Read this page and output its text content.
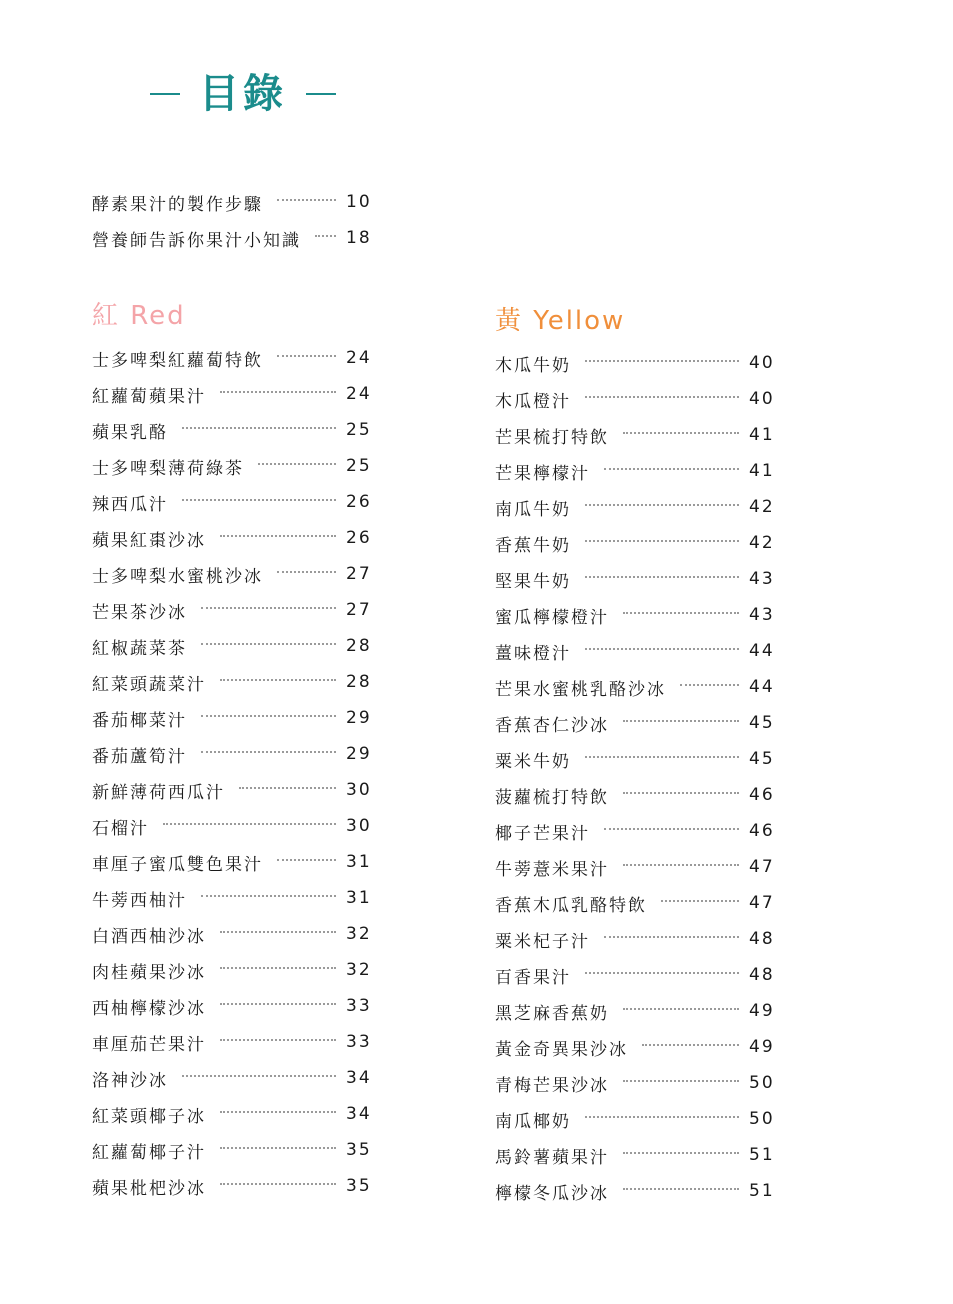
目錄
酵素果汁的製作步驟	10
營養師告訴你果汁小知識	18
紅 Red
士多啤梨紅蘿蔔特飲	24
紅蘿蔔蘋果汁	24
蘋果乳酪	25
士多啤梨薄荷綠茶	25
辣西瓜汁	26
蘋果紅棗沙冰	26
士多啤梨水蜜桃沙冰	27
芒果茶沙冰	27
紅椒蔬菜茶	28
紅菜頭蔬菜汁	28
番茄椰菜汁	29
番茄蘆筍汁	29
新鮮薄荷西瓜汁	30
石榴汁	30
車厘子蜜瓜雙色果汁	31
牛蒡西柚汁	31
白酒西柚沙冰	32
肉桂蘋果沙冰	32
西柚檸檬沙冰	33
車厘茄芒果汁	33
洛神沙冰	34
紅菜頭椰子冰	34
紅蘿蔔椰子汁	35
蘋果枇杷沙冰	35
黃 Yellow
木瓜牛奶	40
木瓜橙汁	40
芒果梳打特飲	41
芒果檸檬汁	41
南瓜牛奶	42
香蕉牛奶	42
堅果牛奶	43
蜜瓜檸檬橙汁	43
薑味橙汁	44
芒果水蜜桃乳酪沙冰	44
香蕉杏仁沙冰	45
粟米牛奶	45
菠蘿梳打特飲	46
椰子芒果汁	46
牛蒡薏米果汁	47
香蕉木瓜乳酪特飲	47
粟米杞子汁	48
百香果汁	48
黑芝麻香蕉奶	49
黃金奇異果沙冰	49
青梅芒果沙冰	50
南瓜椰奶	50
馬鈴薯蘋果汁	51
檸檬冬瓜沙冰	51
